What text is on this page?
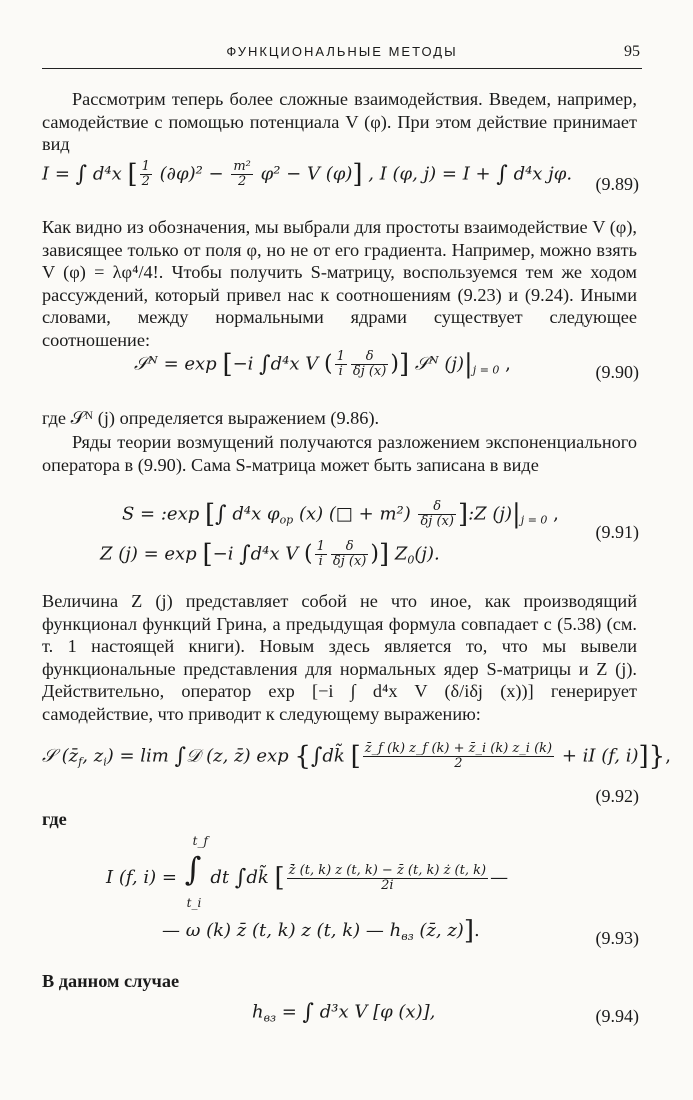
ФУНКЦИОНАЛЬНЫЕ МЕТОДЫ	95

Рассмотрим теперь более сложные взаимодействия. Введем, например, самодействие с помощью потенциала V (φ). При этом действие принимает вид

I = ∫ d⁴x [ $\frac{1}{2} (\partial\varphi)^2 - \frac{\text{m²}}{2} \varphi^2 - V$ (φ)] , I (φ, j) = I + ∫ d⁴x jφ. (9.89)

Как видно из обозначения, мы выбрали для простоты взаимодействие V (φ), зависящее только от поля φ, но не от его градиента. Например, можно взять V (φ) = λφ⁴/4!. Чтобы получить S-матрицу, воспользуемся тем же ходом рассуждений, который привел нас к соотношениям (9.23) и (9.24). Иными словами, между нормальными ядрами существует следующее соотношение:

𝒮ᴺ = exp [−i ∫d⁴x V ( $\frac{1}{i} \frac{\delta}{\delta j (x)}$ )] 𝒮ᴺ $(j)|_{j = 0}$ ,	(9.90)

где 𝒮ᴺ (j) определяется выражением (9.86).

Ряды теории возмущений получаются разложением экспоненциального оператора в (9.90). Сама S-матрица может быть записана в виде

S = :exp [∫ d⁴x $\varphi_{op}$ (x) (□ + $m^2) \frac{\delta}{\delta j (x)}$ ]:Z $(j)|_{j = 0}$ ,
Z (j) = exp [−i ∫d⁴x V ( $\frac{1}{i} \frac{\delta}{\delta j (x)}$ )] $Z_0(j)$.
(9.91)

Величина Z (j) представляет собой не что иное, как производящий функционал функций Грина, а предыдущая формула совпадает с (5.38) (см. т. 1 настоящей книги). Новым здесь является то, что мы вывели функциональные представления для нормальных ядер S-матрицы и Z (j). Действительно, оператор exp [−i ∫ d⁴x V (δ/iδj (x))] генерирует самодействие, что приводит к следующему выражению:

𝒮 ($z̄_f$, $z_i) = \lim$ ∫𝒟 (z, z̄) exp {∫dk̃ [ $\frac{z̄\_f (k) z\_f (k) + z̄\_i (k) z\_i (k)}{2}$ + iI (f, i)]},
(9.92)

где

I (f, i) = ∫
t_f
t_i
dt ∫dk̃ [ $\frac{ż̄ (t, k) z (t, k) - z̄ (t, k) ż (t, k)}{2i}$ —
— ω (k) z̄ (t, k) z (t, k) — $h_{вз}$ (z̄, z)].	(9.93)

В данном случае

$h_{вз}$ = ∫ d³x V [φ (x)],	(9.94)
